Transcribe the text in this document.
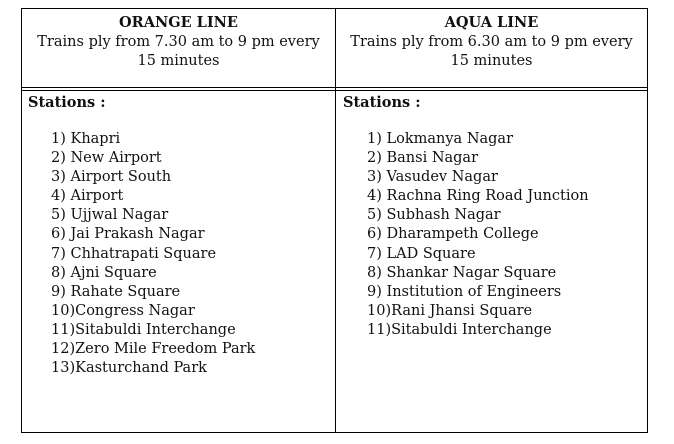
ORANGE LINE
Trains ply from 7.30 am to 9 pm every 15 minutes
AQUA LINE
Trains ply from 6.30 am to 9 pm every 15 minutes
Stations :	Stations :
1) Khapri
2) New Airport
3) Airport South
4) Airport
5) Ujjwal Nagar
6) Jai Prakash Nagar
7) Chhatrapati Square
8) Ajni Square
9) Rahate Square
10)Congress Nagar
11)Sitabuldi Interchange
12)Zero Mile Freedom Park
13)Kasturchand Park
1) Lokmanya Nagar
2) Bansi Nagar
3) Vasudev Nagar
4) Rachna Ring Road Junction
5) Subhash Nagar
6) Dharampeth College
7) LAD Square
8) Shankar Nagar Square
9) Institution of Engineers
10)Rani Jhansi Square
11)Sitabuldi Interchange
